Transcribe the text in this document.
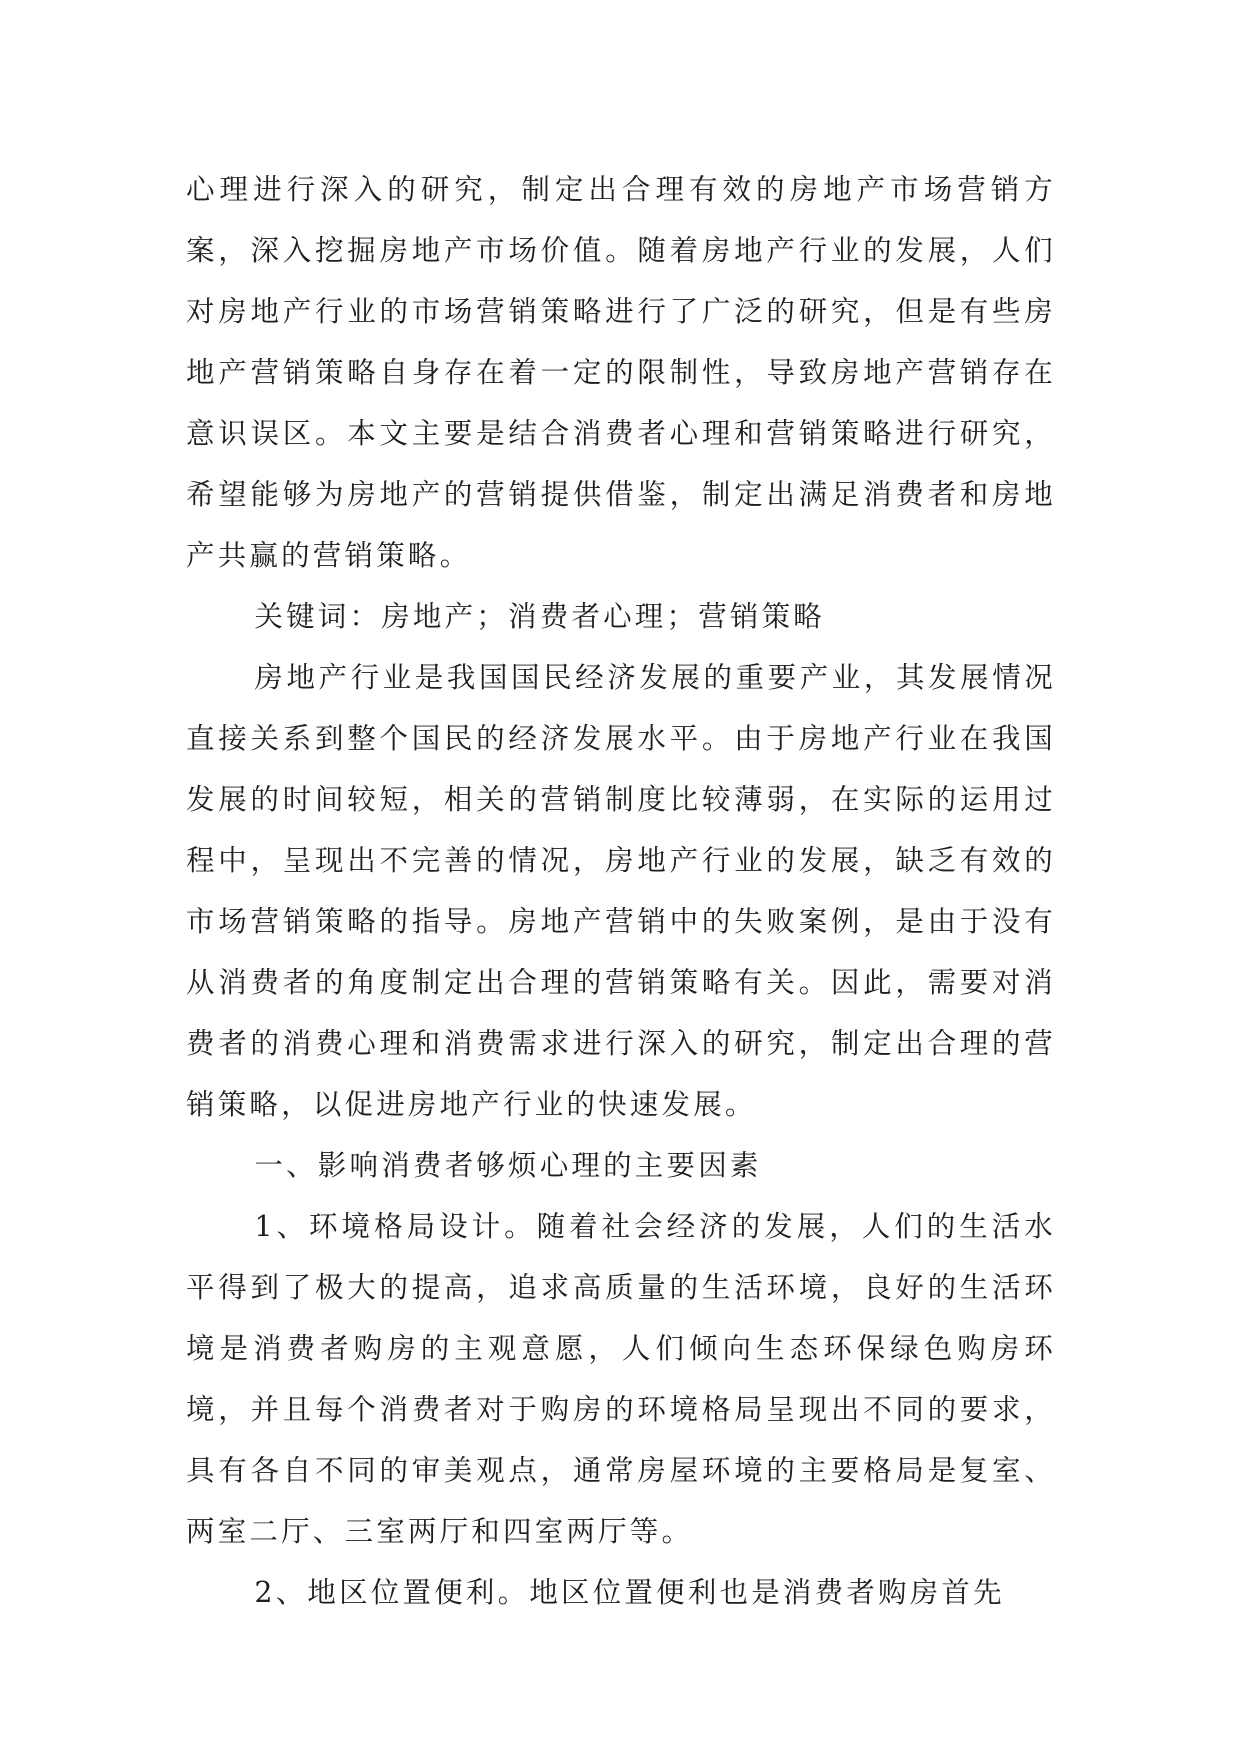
心理进行深入的研究，制定出合理有效的房地产市场营销方案，深入挖掘房地产市场价值。随着房地产行业的发展，人们对房地产行业的市场营销策略进行了广泛的研究，但是有些房地产营销策略自身存在着一定的限制性，导致房地产营销存在意识误区。本文主要是结合消费者心理和营销策略进行研究，希望能够为房地产的营销提供借鉴，制定出满足消费者和房地产共赢的营销策略。

关键词：房地产；消费者心理；营销策略

房地产行业是我国国民经济发展的重要产业，其发展情况直接关系到整个国民的经济发展水平。由于房地产行业在我国发展的时间较短，相关的营销制度比较薄弱，在实际的运用过程中，呈现出不完善的情况，房地产行业的发展，缺乏有效的市场营销策略的指导。房地产营销中的失败案例，是由于没有从消费者的角度制定出合理的营销策略有关。因此，需要对消费者的消费心理和消费需求进行深入的研究，制定出合理的营销策略，以促进房地产行业的快速发展。

一、影响消费者够烦心理的主要因素

1、环境格局设计。随着社会经济的发展，人们的生活水平得到了极大的提高，追求高质量的生活环境，良好的生活环境是消费者购房的主观意愿，人们倾向生态环保绿色购房环境，并且每个消费者对于购房的环境格局呈现出不同的要求，具有各自不同的审美观点，通常房屋环境的主要格局是复室、两室二厅、三室两厅和四室两厅等。

2、地区位置便利。地区位置便利也是消费者购房首先
